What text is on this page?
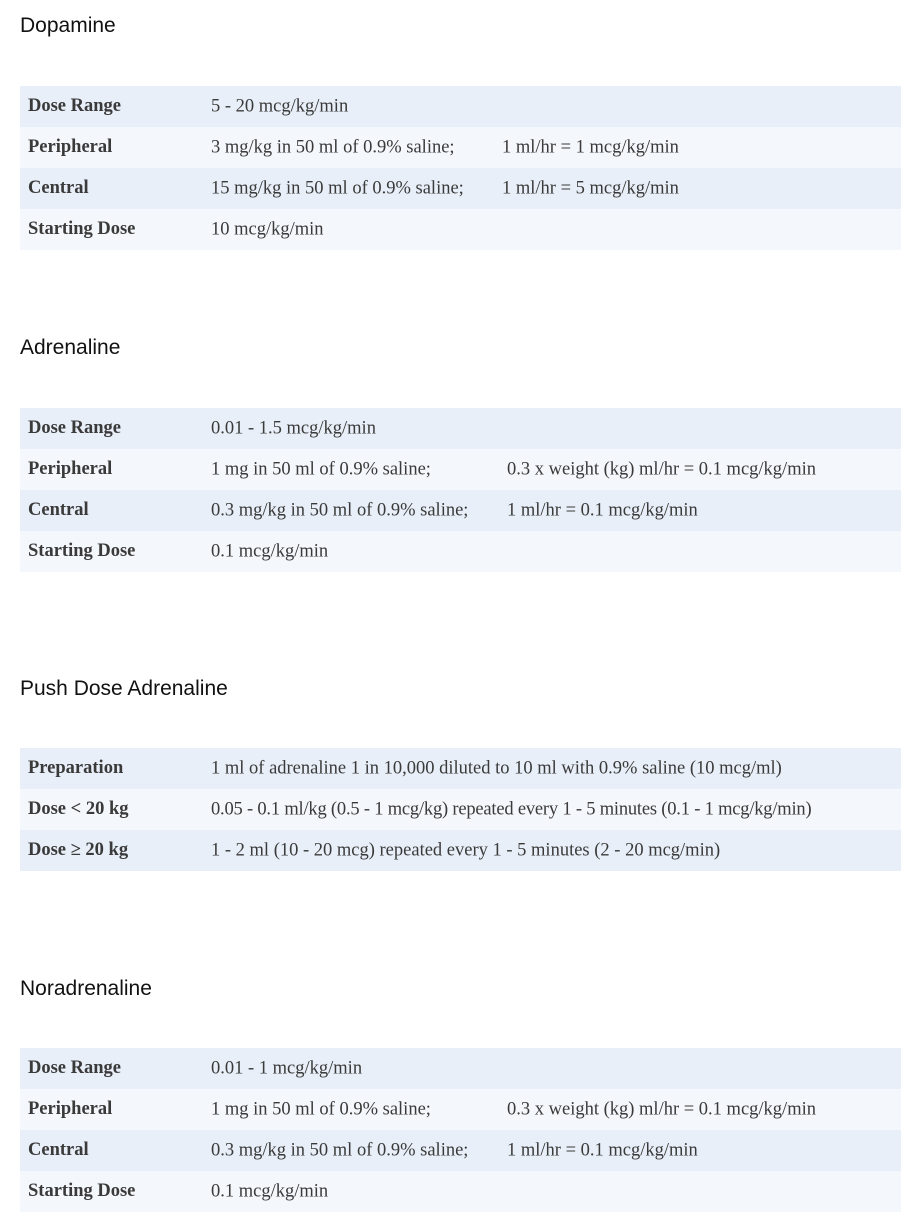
Dopamine
Dose Range	5 - 20 mcg/kg/min

Peripheral	3 mg/kg in 50 ml of 0.9% saline; 1 ml/hr = 1 mcg/kg/min

Central	15 mg/kg in 50 ml of 0.9% saline; 1 ml/hr = 5 mcg/kg/min

Starting Dose	10 mcg/kg/min
Adrenaline
Dose Range	0.01 - 1.5 mcg/kg/min

Peripheral	1 mg in 50 ml of 0.9% saline; 0.3 x weight (kg) ml/hr = 0.1 mcg/kg/min

Central	0.3 mg/kg in 50 ml of 0.9% saline; 1 ml/hr = 0.1 mcg/kg/min

Starting Dose	0.1 mcg/kg/min
Push Dose Adrenaline
Preparation	1 ml of adrenaline 1 in 10,000 diluted to 10 ml with 0.9% saline (10 mcg/ml)

Dose < 20 kg	0.05 - 0.1 ml/kg (0.5 - 1 mcg/kg) repeated every 1 - 5 minutes (0.1 - 1 mcg/kg/min)

Dose ≥ 20 kg	1 - 2 ml (10 - 20 mcg) repeated every 1 - 5 minutes (2 - 20 mcg/min)
Noradrenaline
Dose Range	0.01 - 1 mcg/kg/min

Peripheral	1 mg in 50 ml of 0.9% saline; 0.3 x weight (kg) ml/hr = 0.1 mcg/kg/min

Central	0.3 mg/kg in 50 ml of 0.9% saline; 1 ml/hr = 0.1 mcg/kg/min

Starting Dose	0.1 mcg/kg/min
